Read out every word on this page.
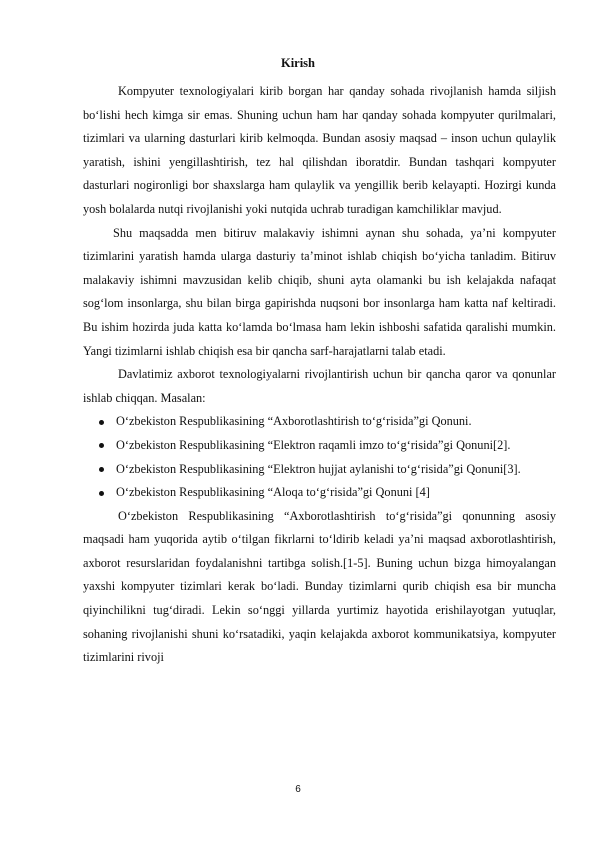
Kirish

Kompyuter texnologiyalari kirib borgan har qanday sohada rivojlanish hamda siljish bo‘lishi hech kimga sir emas. Shuning uchun ham har qanday sohada kompyuter qurilmalari, tizimlari va ularning dasturlari kirib kelmoqda. Bundan asosiy maqsad – inson uchun qulaylik yaratish, ishini yengillashtirish, tez hal qilishdan iboratdir. Bundan tashqari kompyuter dasturlari nogironligi bor shaxslarga ham qulaylik va yengillik berib kelayapti. Hozirgi kunda yosh bolalarda nutqi rivojlanishi yoki nutqida uchrab turadigan kamchiliklar mavjud.

Shu maqsadda men bitiruv malakaviy ishimni aynan shu sohada, ya’ni kompyuter tizimlarini yaratish hamda ularga dasturiy ta’minot ishlab chiqish bo‘yicha tanladim. Bitiruv malakaviy ishimni mavzusidan kelib chiqib, shuni ayta olamanki bu ish kelajakda nafaqat sog‘lom insonlarga, shu bilan birga gapirishda nuqsoni bor insonlarga ham katta naf keltiradi. Bu ishim hozirda juda katta ko‘lamda bo‘lmasa ham lekin ishboshi safatida qaralishi mumkin. Yangi tizimlarni ishlab chiqish esa bir qancha sarf-harajatlarni talab etadi.

Davlatimiz axborot texnologiyalarni rivojlantirish uchun bir qancha qaror va qonunlar ishlab chiqqan. Masalan:

O‘zbekiston Respublikasining “Axborotlashtirish to‘g‘risida”gi Qonuni.
O‘zbekiston Respublikasining “Elektron raqamli imzo to‘g‘risida”gi Qonuni[2].
O‘zbekiston Respublikasining “Elektron hujjat aylanishi to‘g‘risida”gi Qonuni[3].
O‘zbekiston Respublikasining “Aloqa to‘g‘risida”gi Qonuni [4]

O‘zbekiston Respublikasining “Axborotlashtirish to‘g‘risida”gi qonunning asosiy maqsadi ham yuqorida aytib o‘tilgan fikrlarni to‘ldirib keladi ya’ni maqsad axborotlashtirish, axborot resurslaridan foydalanishni tartibga solish.[1-5]. Buning uchun bizga himoyalangan yaxshi kompyuter tizimlari kerak bo‘ladi. Bunday tizimlarni qurib chiqish esa bir muncha qiyinchilikni tug‘diradi. Lekin so‘nggi yillarda yurtimiz hayotida erishilayotgan yutuqlar, sohaning rivojlanishi shuni ko‘rsatadiki, yaqin kelajakda axborot kommunikatsiya, kompyuter tizimlarini rivoji

6
